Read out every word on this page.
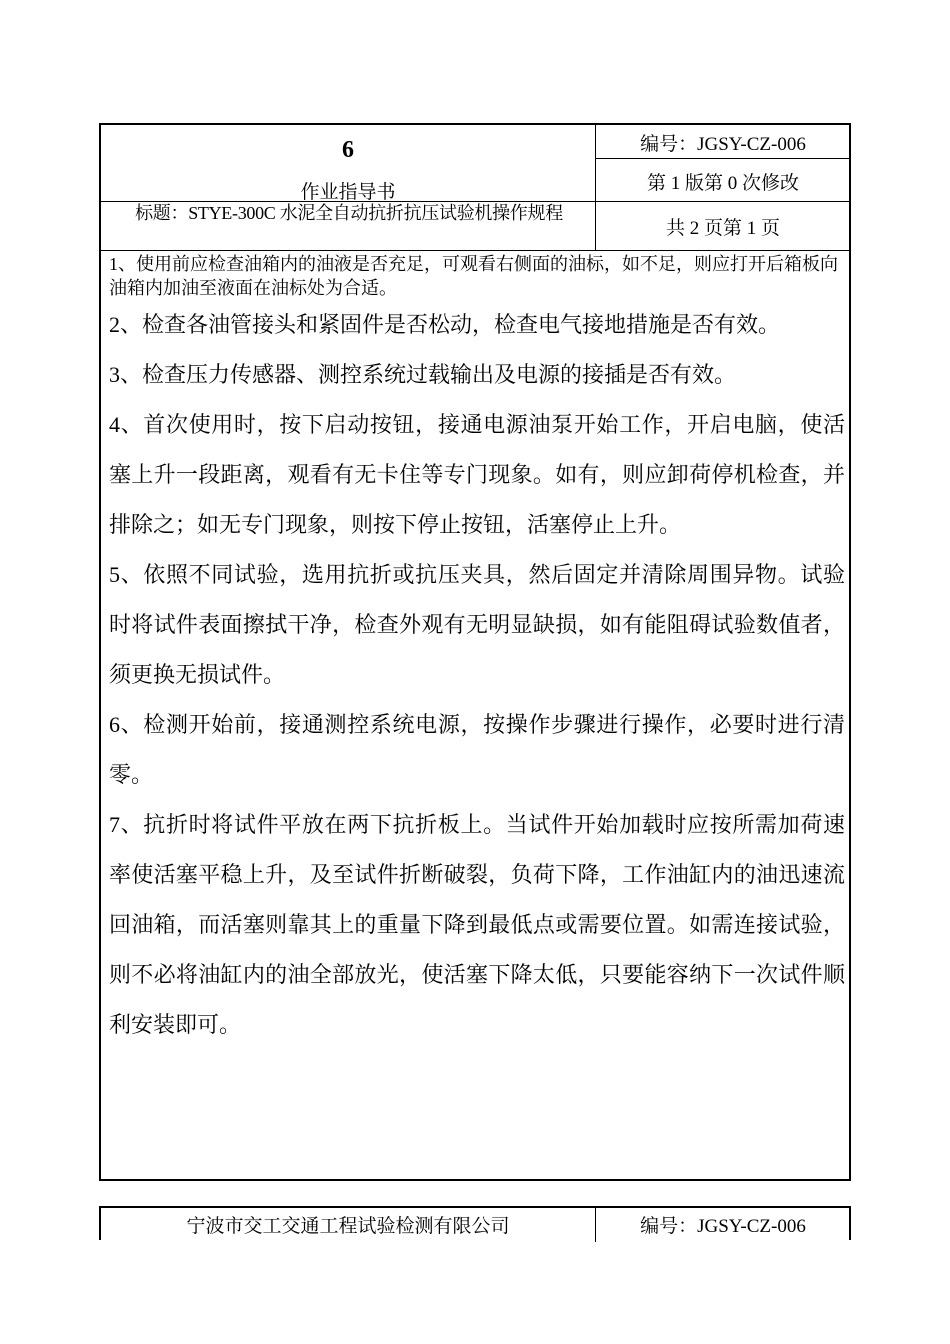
6
作业指导书
编号：JGSY-CZ-006
第 1 版第 0 次修改
标题：STYE-300C 水泥全自动抗折抗压试验机操作规程
共 2 页第 1 页

1、使用前应检查油箱内的油液是否充足，可观看右侧面的油标，如不足，则应打开后箱板向油箱内加油至液面在油标处为合适。

2、检查各油管接头和紧固件是否松动，检查电气接地措施是否有效。

3、检查压力传感器、测控系统过载输出及电源的接插是否有效。

4、首次使用时，按下启动按钮，接通电源油泵开始工作，开启电脑，使活塞上升一段距离，观看有无卡住等专门现象。如有，则应卸荷停机检查，并排除之；如无专门现象，则按下停止按钮，活塞停止上升。

5、依照不同试验，选用抗折或抗压夹具，然后固定并清除周围异物。试验时将试件表面擦拭干净，检查外观有无明显缺损，如有能阻碍试验数值者，须更换无损试件。

6、检测开始前，接通测控系统电源，按操作步骤进行操作，必要时进行清零。

7、抗折时将试件平放在两下抗折板上。当试件开始加载时应按所需加荷速率使活塞平稳上升，及至试件折断破裂，负荷下降，工作油缸内的油迅速流回油箱，而活塞则靠其上的重量下降到最低点或需要位置。如需连接试验，则不必将油缸内的油全部放光，使活塞下降太低，只要能容纳下一次试件顺利安装即可。

宁波市交工交通工程试验检测有限公司	编号：JGSY-CZ-006
